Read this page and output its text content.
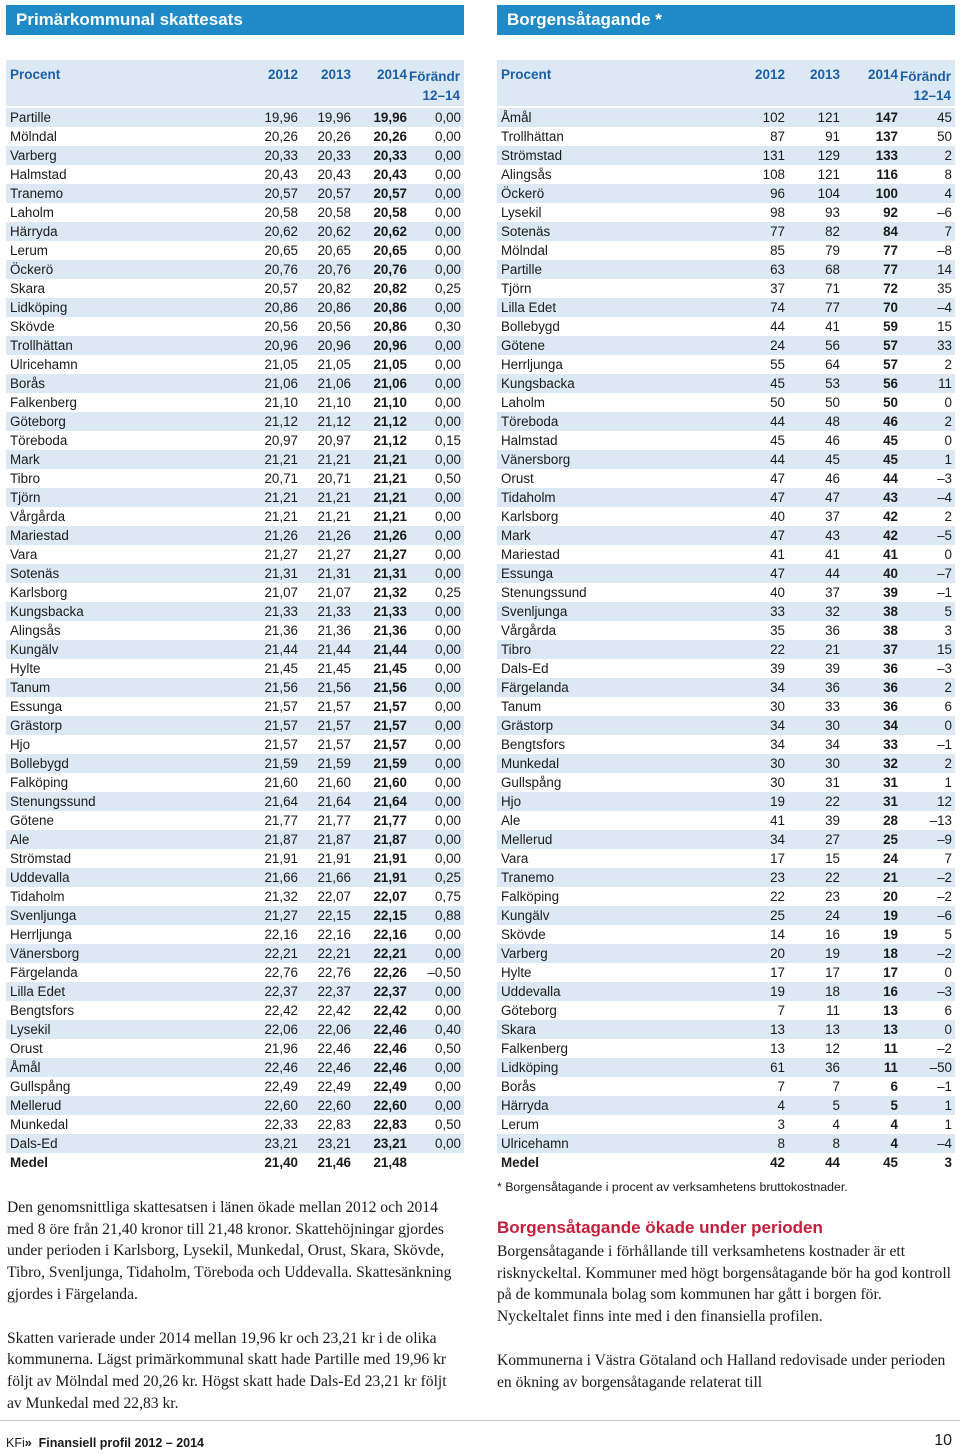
Primärkommunal skattesats
Procent	2012 2013 2014 Förändr
12–14
Partille	19,96 19,96 19,96 0,00
Mölndal	20,26 20,26 20,26 0,00
Varberg	20,33 20,33 20,33 0,00
Halmstad	20,43 20,43 20,43 0,00
Tranemo	20,57 20,57 20,57 0,00
Laholm	20,58 20,58 20,58 0,00
Härryda	20,62 20,62 20,62 0,00
Lerum	20,65 20,65 20,65 0,00
Öckerö	20,76 20,76 20,76 0,00
Skara	20,57 20,82 20,82 0,25
Lidköping	20,86 20,86 20,86 0,00
Skövde	20,56 20,56 20,86 0,30
Trollhättan	20,96 20,96 20,96 0,00
Ulricehamn	21,05 21,05 21,05 0,00
Borås	21,06 21,06 21,06 0,00
Falkenberg	21,10 21,10 21,10 0,00
Göteborg	21,12 21,12 21,12 0,00
Töreboda	20,97 20,97 21,12 0,15
Mark	21,21 21,21 21,21 0,00
Tibro	20,71 20,71 21,21 0,50
Tjörn	21,21 21,21 21,21 0,00
Vårgårda	21,21 21,21 21,21 0,00
Mariestad	21,26 21,26 21,26 0,00
Vara	21,27 21,27 21,27 0,00
Sotenäs	21,31 21,31 21,31 0,00
Karlsborg	21,07 21,07 21,32 0,25
Kungsbacka	21,33 21,33 21,33 0,00
Alingsås	21,36 21,36 21,36 0,00
Kungälv	21,44 21,44 21,44 0,00
Hylte	21,45 21,45 21,45 0,00
Tanum	21,56 21,56 21,56 0,00
Essunga	21,57 21,57 21,57 0,00
Grästorp	21,57 21,57 21,57 0,00
Hjo	21,57 21,57 21,57 0,00
Bollebygd	21,59 21,59 21,59 0,00
Falköping	21,60 21,60 21,60 0,00
Stenungssund	21,64 21,64 21,64 0,00
Götene	21,77 21,77 21,77 0,00
Ale	21,87 21,87 21,87 0,00
Strömstad	21,91 21,91 21,91 0,00
Uddevalla	21,66 21,66 21,91 0,25
Tidaholm	21,32 22,07 22,07 0,75
Svenljunga	21,27 22,15 22,15 0,88
Herrljunga	22,16 22,16 22,16 0,00
Vänersborg	22,21 22,21 22,21 0,00
Färgelanda	22,76 22,76 22,26 –0,50
Lilla Edet	22,37 22,37 22,37 0,00
Bengtsfors	22,42 22,42 22,42 0,00
Lysekil	22,06 22,06 22,46 0,40
Orust	21,96 22,46 22,46 0,50
Åmål	22,46 22,46 22,46 0,00
Gullspång	22,49 22,49 22,49 0,00
Mellerud	22,60 22,60 22,60 0,00
Munkedal	22,33 22,83 22,83 0,50
Dals-Ed	23,21 23,21 23,21 0,00
Medel	21,40 21,46 21,48
Borgensåtagande *
Procent	2012 2013 2014 Förändr
12–14
Åmål	102 121	147	45
Trollhättan	87	91	137	50
Strömstad	131 129	133	2
Alingsås	108 121	116	8
Öckerö	96 104	100	4
Lysekil	98	93	92	–6
Sotenäs	77	82	84	7
Mölndal	85	79	77	–8
Partille	63	68	77	14
Tjörn	37	71	72	35
Lilla Edet	74	77	70	–4
Bollebygd	44	41	59	15
Götene	24	56	57	33
Herrljunga	55	64	57	2
Kungsbacka	45	53	56	11
Laholm	50	50	50	0
Töreboda	44	48	46	2
Halmstad	45	46	45	0
Vänersborg	44	45	45	1
Orust	47	46	44	–3
Tidaholm	47	47	43	–4
Karlsborg	40	37	42	2
Mark	47	43	42	–5
Mariestad	41	41	41	0
Essunga	47	44	40	–7
Stenungssund	40	37	39	–1
Svenljunga	33	32	38	5
Vårgårda	35	36	38	3
Tibro	22	21	37	15
Dals-Ed	39	39	36	–3
Färgelanda	34	36	36	2
Tanum	30	33	36	6
Grästorp	34	30	34	0
Bengtsfors	34	34	33	–1
Munkedal	30	30	32	2
Gullspång	30	31	31	1
Hjo	19	22	31	12
Ale	41	39	28 –13
Mellerud	34	27	25	–9
Vara	17	15	24	7
Tranemo	23	22	21	–2
Falköping	22	23	20	–2
Kungälv	25	24	19	–6
Skövde	14	16	19	5
Varberg	20	19	18	–2
Hylte	17	17	17	0
Uddevalla	19	18	16	–3
Göteborg	7	11	13	6
Skara	13	13	13	0
Falkenberg	13	12	11	–2
Lidköping	61	36	11 –50
Borås	7	7	6	–1
Härryda	4	5	5	1
Lerum	3	4	4	1
Ulricehamn	8	8	4	–4
Medel	42	44	45	3

Den genomsnittliga skattesatsen i länen ökade mellan 2012 och 2014 med 8 öre från 21,40 kronor till 21,48 kronor. Skattehöjningar gjordes under perioden i Karlsborg, Lysekil, Munkedal, Orust, Skara, Skövde, Tibro, Svenljunga, Tidaholm, Töreboda och Uddevalla. Skattesänkning gjordes i Färgelanda.

Skatten varierade under 2014 mellan 19,96 kr och 23,21 kr i de olika kommunerna. Lägst primärkommunal skatt hade Partille med 19,96 kr följt av Mölndal med 20,26 kr. Högst skatt hade Dals-Ed 23,21 kr följt av Munkedal med 22,83 kr.

* Borgensåtagande i procent av verksamhetens bruttokostnader.
Borgensåtagande ökade under perioden

Borgensåtagande i förhållande till verksamhetens kostnader är ett risknyckeltal. Kommuner med högt borgensåtagande bör ha god kontroll på de kommunala bolag som kommunen har gått i borgen för. Nyckeltalet finns inte med i den finansiella profilen.

Kommunerna i Västra Götaland och Halland redovisade under perioden en ökning av borgensåtagande relaterat till

KFi» Finansiell profil 2012 – 2014	10
